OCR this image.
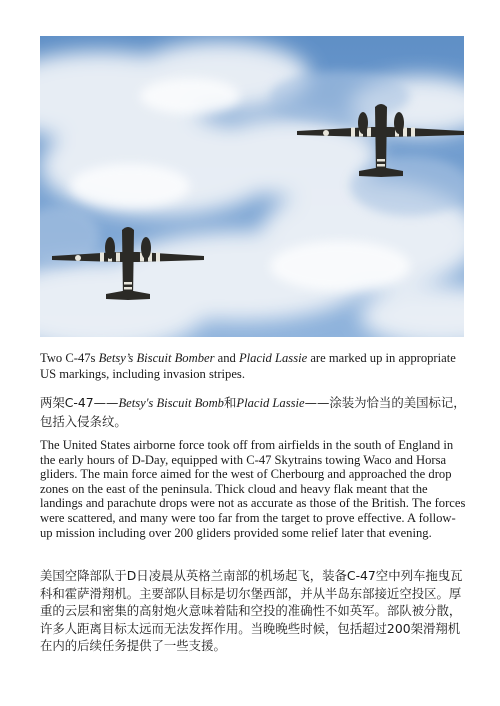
Two C-47s Betsy’s Biscuit Bomber and Placid Lassie are marked up in appropriate US markings, including invasion stripes.

两架C-47——Betsy's Biscuit Bomb和Placid Lassie——涂装为恰当的美国标记，包括入侵条纹。

The United States airborne force took off from airfields in the south of England in the early hours of D-Day, equipped with C-47 Skytrains towing Waco and Horsa gliders. The main force aimed for the west of Cherbourg and approached the drop zones on the east of the peninsula. Thick cloud and heavy flak meant that the landings and parachute drops were not as accurate as those of the British. The forces were scattered, and many were too far from the target to prove effective. A follow-up mission including over 200 gliders provided some relief later that evening.

美国空降部队于D日凌晨从英格兰南部的机场起飞，装备C-47空中列车拖曳瓦科和霍萨滑翔机。主要部队目标是切尔堡西部，并从半岛东部接近空投区。厚重的云层和密集的高射炮火意味着陆和空投的准确性不如英军。部队被分散，许多人距离目标太远而无法发挥作用。当晚晚些时候，包括超过200架滑翔机在内的后续任务提供了一些支援。
